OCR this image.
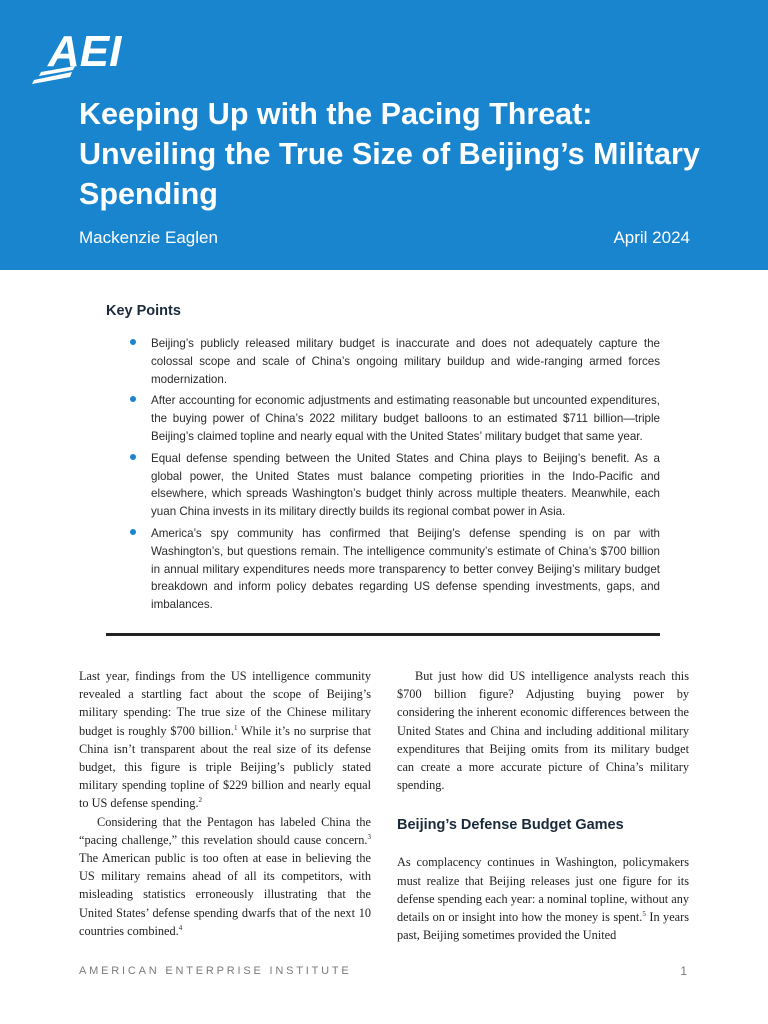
AEI
Keeping Up with the Pacing Threat: Unveiling the True Size of Beijing’s Military Spending
Mackenzie Eaglen	April 2024
Key Points
Beijing’s publicly released military budget is inaccurate and does not adequately capture the colossal scope and scale of China’s ongoing military buildup and wide-ranging armed forces modernization.
After accounting for economic adjustments and estimating reasonable but uncounted expenditures, the buying power of China’s 2022 military budget balloons to an estimated $711 billion—triple Beijing’s claimed topline and nearly equal with the United States’ military budget that same year.
Equal defense spending between the United States and China plays to Beijing’s benefit. As a global power, the United States must balance competing priorities in the Indo-Pacific and elsewhere, which spreads Washington’s budget thinly across multiple theaters. Meanwhile, each yuan China invests in its military directly builds its regional combat power in Asia.
America’s spy community has confirmed that Beijing’s defense spending is on par with Washington’s, but questions remain. The intelligence community’s estimate of China’s $700 billion in annual military expenditures needs more transparency to better convey Beijing’s military budget breakdown and inform policy debates regarding US defense spending investments, gaps, and imbalances.

Last year, findings from the US intelligence community revealed a startling fact about the scope of Beijing’s military spending: The true size of the Chinese military budget is roughly $700 billion.$^1$ While it’s no surprise that China isn’t transparent about the real size of its defense budget, this figure is triple Beijing’s publicly stated military spending topline of $229 billion and nearly equal to US defense spending.$^2$

Considering that the Pentagon has labeled China the “pacing challenge,” this revelation should cause concern.$^3$ The American public is too often at ease in believing the US military remains ahead of all its competitors, with misleading statistics erroneously illustrating that the United States’ defense spending dwarfs that of the next 10 countries combined.$^4$

But just how did US intelligence analysts reach this $700 billion figure? Adjusting buying power by considering the inherent economic differences between the United States and China and including additional military expenditures that Beijing omits from its military budget can create a more accurate picture of China’s military spending.

Beijing’s Defense Budget Games

As complacency continues in Washington, policymakers must realize that Beijing releases just one figure for its defense spending each year: a nominal topline, without any details on or insight into how the money is spent.$^5$ In years past, Beijing sometimes provided the United

AMERICAN ENTERPRISE INSTITUTE	1
